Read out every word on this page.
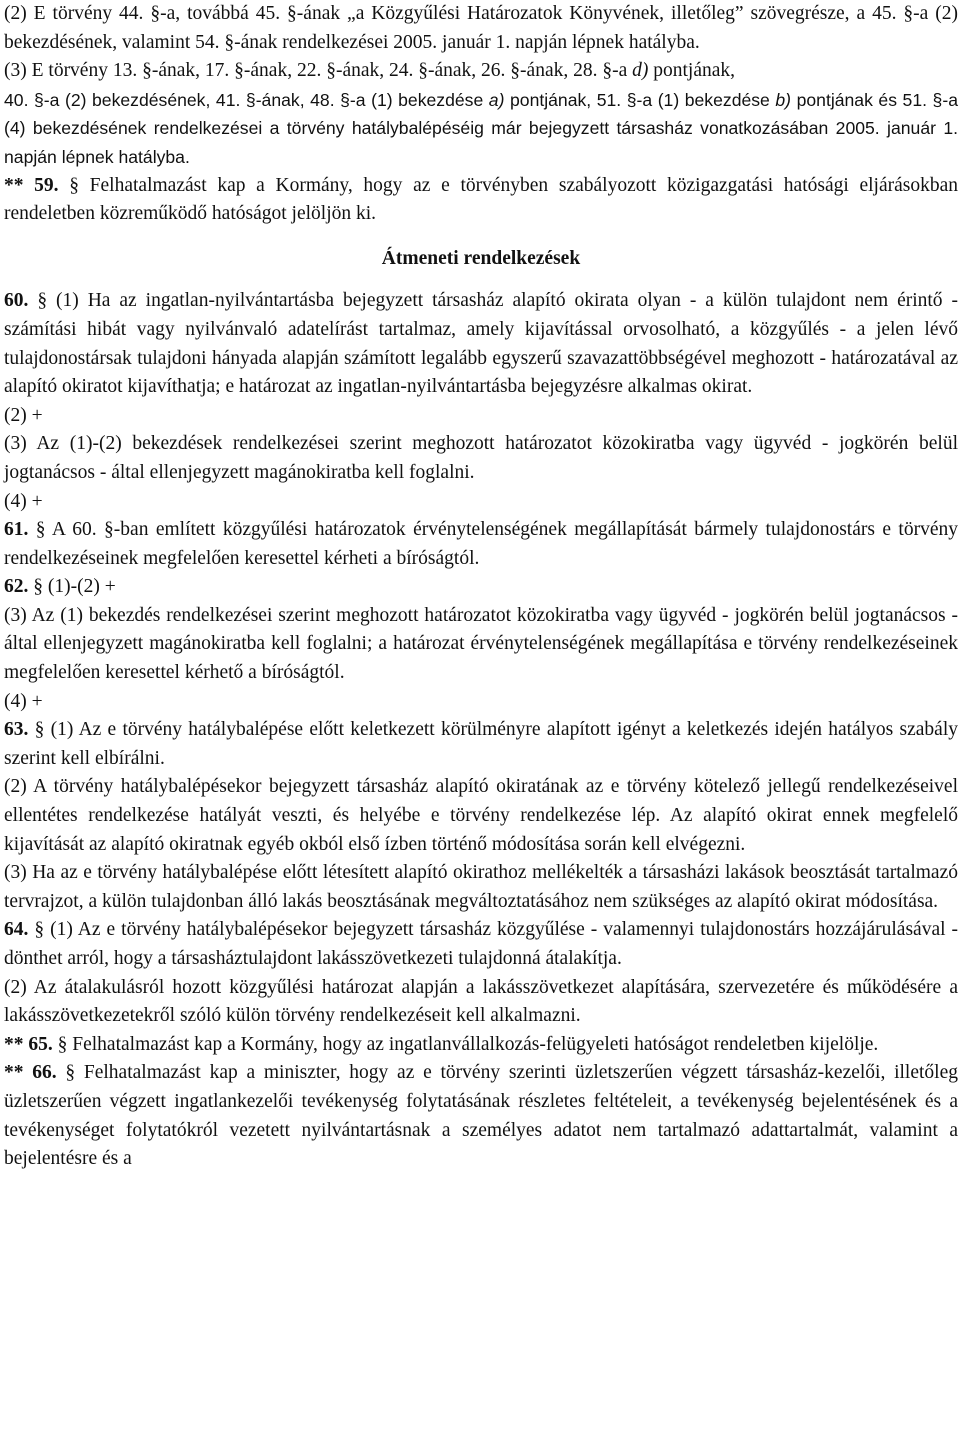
(2) E törvény 44. §-a, továbbá 45. §-ának „a Közgyűlési Határozatok Könyvének, illetőleg” szövegrésze, a 45. §-a (2) bekezdésének, valamint 54. §-ának rendelkezései 2005. január 1. napján lépnek hatályba.

(3) E törvény 13. §-ának, 17. §-ának, 22. §-ának, 24. §-ának, 26. §-ának, 28. §-a d) pontjának,

40. §-a (2) bekezdésének, 41. §-ának, 48. §-a (1) bekezdése a) pontjának, 51. §-a (1) bekezdése b) pontjának és 51. §-a (4) bekezdésének rendelkezései a törvény hatálybalépéséig már bejegyzett társasház vonatkozásában 2005. január 1. napján lépnek hatályba.

** 59. § Felhatalmazást kap a Kormány, hogy az e törvényben szabályozott közigazgatási hatósági eljárásokban rendeletben közreműködő hatóságot jelöljön ki.

Átmeneti rendelkezések

60. § (1) Ha az ingatlan-nyilvántartásba bejegyzett társasház alapító okirata olyan - a külön tulajdont nem érintő - számítási hibát vagy nyilvánvaló adatelírást tartalmaz, amely kijavítással orvosolható, a közgyűlés - a jelen lévő tulajdonostársak tulajdoni hányada alapján számított legalább egyszerű szavazattöbbségével meghozott - határozatával az alapító okiratot kijavíthatja; e határozat az ingatlan-nyilvántartásba bejegyzésre alkalmas okirat.

(2) +

(3) Az (1)-(2) bekezdések rendelkezései szerint meghozott határozatot közokiratba vagy ügyvéd - jogkörén belül jogtanácsos - által ellenjegyzett magánokiratba kell foglalni.

(4) +

61. § A 60. §-ban említett közgyűlési határozatok érvénytelenségének megállapítását bármely tulajdonostárs e törvény rendelkezéseinek megfelelően keresettel kérheti a bíróságtól.

62. § (1)-(2) +

(3) Az (1) bekezdés rendelkezései szerint meghozott határozatot közokiratba vagy ügyvéd - jogkörén belül jogtanácsos - által ellenjegyzett magánokiratba kell foglalni; a határozat érvénytelenségének megállapítása e törvény rendelkezéseinek megfelelően keresettel kérhető a bíróságtól.

(4) +

63. § (1) Az e törvény hatálybalépése előtt keletkezett körülményre alapított igényt a keletkezés idején hatályos szabály szerint kell elbírálni.

(2) A törvény hatálybalépésekor bejegyzett társasház alapító okiratának az e törvény kötelező jellegű rendelkezéseivel ellentétes rendelkezése hatályát veszti, és helyébe e törvény rendelkezése lép. Az alapító okirat ennek megfelelő kijavítását az alapító okiratnak egyéb okból első ízben történő módosítása során kell elvégezni.

(3) Ha az e törvény hatálybalépése előtt létesített alapító okirathoz mellékelték a társasházi lakások beosztását tartalmazó tervrajzot, a külön tulajdonban álló lakás beosztásának megváltoztatásához nem szükséges az alapító okirat módosítása.

64. § (1) Az e törvény hatálybalépésekor bejegyzett társasház közgyűlése - valamennyi tulajdonostárs hozzájárulásával - dönthet arról, hogy a társasháztulajdont lakásszövetkezeti tulajdonná átalakítja.

(2) Az átalakulásról hozott közgyűlési határozat alapján a lakásszövetkezet alapítására, szervezetére és működésére a lakásszövetkezetekről szóló külön törvény rendelkezéseit kell alkalmazni.

** 65. § Felhatalmazást kap a Kormány, hogy az ingatlanvállalkozás-felügyeleti hatóságot rendeletben kijelölje.

** 66. § Felhatalmazást kap a miniszter, hogy az e törvény szerinti üzletszerűen végzett társasház-kezelői, illetőleg üzletszerűen végzett ingatlankezelői tevékenység folytatásának részletes feltételeit, a tevékenység bejelentésének és a tevékenységet folytatókról vezetett nyilvántartásnak a személyes adatot nem tartalmazó adattartalmát, valamint a bejelentésre és a
